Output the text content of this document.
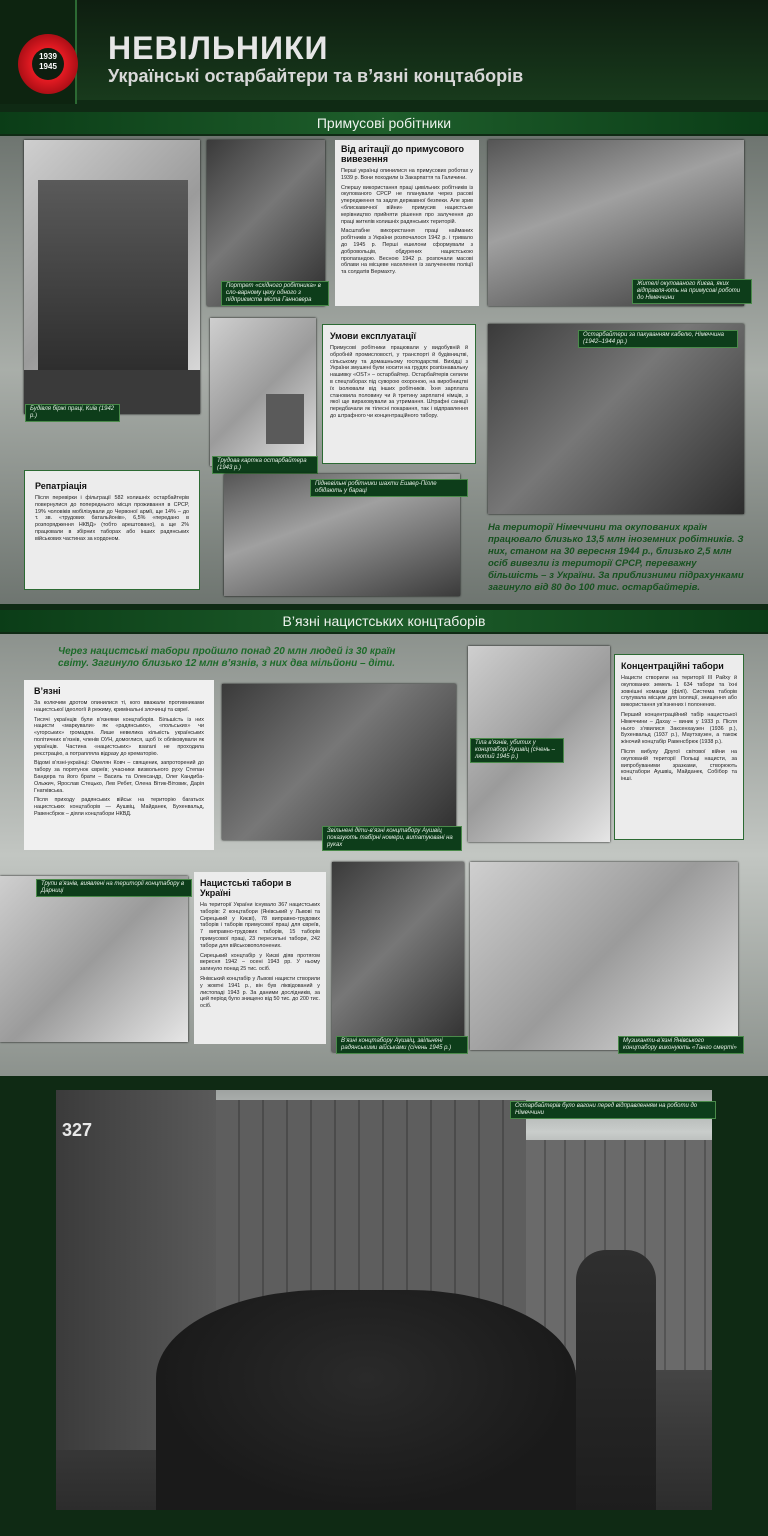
1939 1945
НЕВІЛЬНИКИ
Українські остарбайтери та в’язні концтаборів
Примусові робітники
Будівля біржі праці, Київ (1942 р.)
Портрет «східного робітника» в сло-варному цеху одного з підприємств міста Ганновера
Від агітації до примусового вивезення

Перші українці опинилися на примусових роботах у 1939 р. Вони походили із Закарпаття та Галичини.

Спершу використання праці цивільних робітників із окупованого СРСР не планували через расові упередження та задля державної безпеки. Але зрив «блискавичної війни» примусив нацистське керівництво прийняти рішення про залучення до праці жителів колишніх радянських територій.

Масштабне використання праці найманих робітників з України розпочалося 1942 р. і тривало до 1945 р. Перші ешелони сформували з добровольців, обдурених нацистською пропагандою. Весною 1942 р. розпочали масові облави на місцеве населення із залученням поліції та солдатів Вермахту.

Жителі окупованого Києва, яких відправля-ють на примусові роботи до Німеччини
Трудова картка остарбайтера (1943 р.)
Умови експлуатації

Примусові робітники працювали у видобувній й обробній промисловості, у транспорті й будівництві, сільському та домашньому господарстві. Вихідці з України змушені були носити на грудях розпізнавальну нашивку «OST» – остарбайтер. Остарбайтерів селили в спецтаборах під суворою охороною, на виробництві їх ізолювали від інших робітників. Їхня зарплата становила половину чи й третину зарплатні німців, з якої ще вираховували за утримання. Штрафні санкції передбачали як тілесні покарання, так і відправлення до штрафного чи концентраційного табору.

Остарбайтери за пакуванням кабелю, Німеччина (1942–1944 рр.)
Репатріація

Після перевірки і фільтрації 582 колишніх остарбайтерів повернулися до попереднього місця проживання в СРСР, 19% чоловіків мобілізували до Червоної армії, ще 14% – до т. зв. «трудових батальйонів», 6,5% «передано в розпорядження НКВД» (тобто арештовано), а ще 2% працювали в збірних таборах або інших радянських військових частинах за кордоном.

Підневільні робітники шахти Ешвер-Пілле обідають у бараці
На території Німеччини та окупованих країн працювало близько 13,5 млн іноземних робітників. З них, станом на 30 вересня 1944 р., близько 2,5 млн осіб вивезли із території СРСР, переважну більшість – з України. За приблизними підрахунками загинуло від 80 до 100 тис. остарбайтерів.
В’язні нацистських концтаборів
Через нацистські табори пройшло понад 20 млн людей із 30 країн світу. Загинуло близько 12 млн в’язнів, з них два мільйони – діти.
В’язні

За колючим дротом опинилися ті, кого вважали противниками нацистської ідеології й режиму, кримінальні злочинці та євреї.

Тисячі українців були в’язнями концтаборів. Більшість із них нацисти «маркували» як «радянських», «польських» чи «угорських» громадян. Лише невелика кількість українських політичних в’язнів, членів ОУН, домоглися, щоб їх обліковували як українців. Частина «нацистських» взагалі не проходила реєстрацію, а потрапляла відразу до крематорію.

Відомі в’язні-українці: Омелян Ковч – священик, запроторений до табору за порятунок євреїв; учасники визвольного руху Степан Бандера та його брати – Василь та Олександр, Олег Кандиба-Ольжич, Ярослав Стецько, Лев Ребет, Олена Вітик-Вітовик, Дарія Гнатківська.

Після приходу радянських військ на територію багатьох нацистських концтаборів — Аушвіц, Майданек, Бухенвальд, Равенсбрюк – діяли концтабори НКВД.

Звільнені діти-в’язні концтабору Аушвіц показують табірні номери, витатуювані на руках
Тіла в’язнів, убитих у концтаборі Аушвіц (січень – лютий 1945 р.)
Концентраційні табори

Нацисти створили на території ІІІ Райху й окупованих земель 1 634 табори та їхні зовнішні команди (філії). Система таборів слугувала місцем для ізоляції, знищення або використання ув’язнених і полонених.

Перший концентраційний табір нацистської Німеччини – Дахау – виник у 1933 р. Після нього з’явилися Заксенхаузен (1936 р.), Бухенвальд (1937 р.), Маутхаузен, а також жіночий концтабір Равенсбрюк (1938 р.).

Після вибуху Другої світової війни на окупованій території Польщі нацисти, за випробуваними зразками, створюють концтабори Аушвіц, Майданек, Собібор та інші.

Трупи в’язнів, виявлені на території концтабору в Дарниці
Нацистські табори в Україні

На території України існувало 367 нацистських таборів: 2 концтабори (Янівський у Львові та Сирецький у Києві), 78 виправно-трудових таборів і таборів примусової праці для євреїв, 7 виправно-трудових таборів, 15 таборів примусової праці, 23 пересильні табори, 242 табори для військовополонених.

Сирецький концтабір у Києві діяв протягом вересня 1942 – осені 1943 рр. У ньому загинуло понад 25 тис. осіб.

Янівський концтабір у Львові нацисти створили у жовтні 1941 р., він був ліквідований у листопаді 1943 р. За даними дослідників, за цей період було знищено від 50 тис. до 200 тис. осіб.

В’язні концтабору Аушвіц, звільнені радянськими військами (січень 1945 р.)
Музиканти-в’язні Янівського концтабору виконують «Танго смерті»
327
Остарбайтерів було вагони перед відправленням на роботи до Німеччини
